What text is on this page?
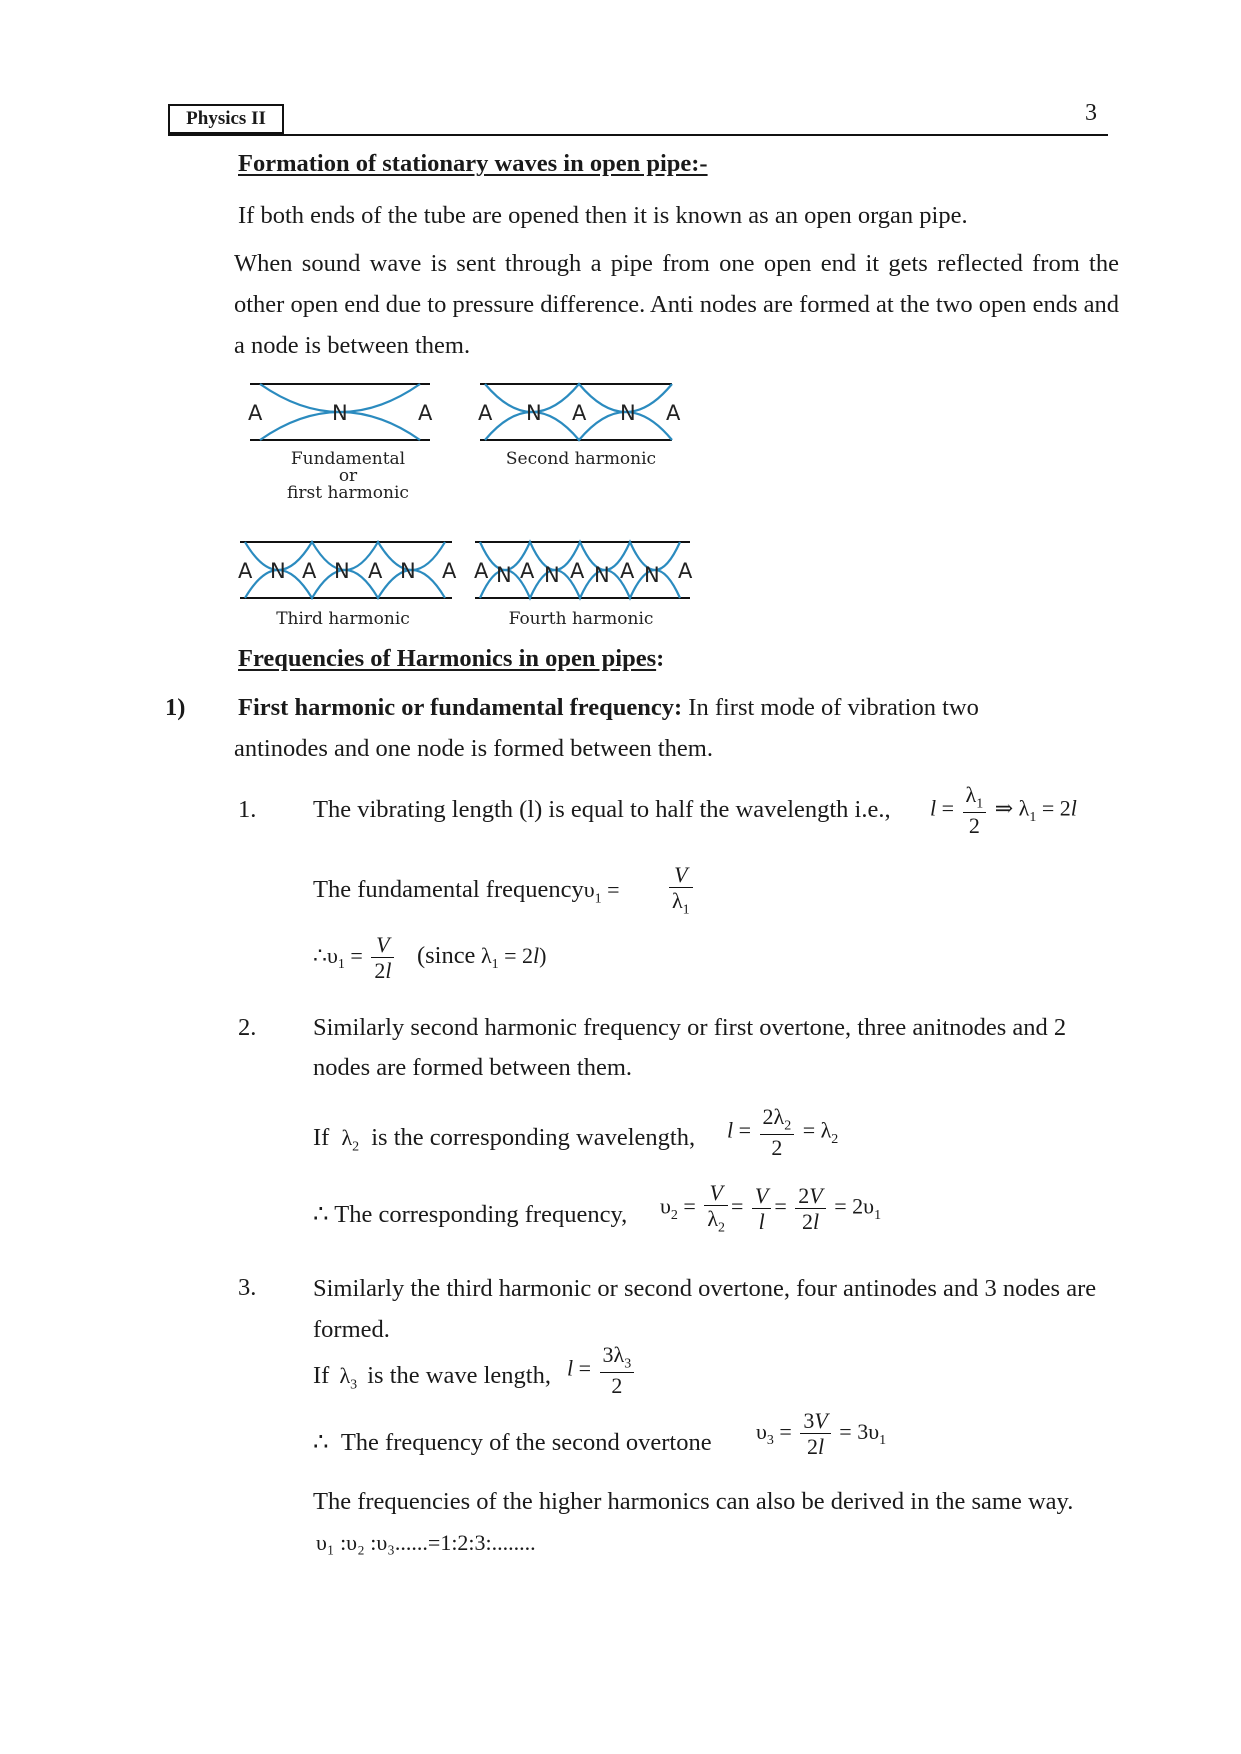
Physics II	3
Formation of stationary waves in open pipe:-
If both ends of the tube are opened then it is known as an open organ pipe.
When sound wave is sent through a pipe from one open end it gets reflected from the other open end due to pressure difference. Anti nodes are formed at the two open ends and a node is between them.
A	N	A A N A N A
Fundamental
or
first harmonic
Second harmonic
A N A N A N A A N A N A N A N A
Third harmonic	Fourth harmonic
Frequencies of Harmonics in open pipes:
1) First harmonic or fundamental frequency: In first mode of vibration two
antinodes and one node is formed between them.
1. The vibrating length (l) is equal to half the wavelength i.e., $l = \frac{\lambda_1}{2}$ ⇒ $\lambda_1 = 2l$
The fundamental frequencyυ$_1$ = $\frac{V}{\lambda_1}$
$\therefore\upsilon_1 = \frac{V}{2l}$ (since $\lambda_1 = 2l$)
2. Similarly second harmonic frequency or first overtone, three anitnodes and 2 nodes are formed between them.
If $\lambda_2$ is the corresponding wavelength, $l = \frac{2\lambda_2}{2} = \lambda_2$
∴ The corresponding frequency, $\upsilon_2 = \frac{V}{\lambda_2} = \frac{V}{l} = \frac{2V}{2l} = 2\upsilon_1$
3. Similarly the third harmonic or second overtone, four antinodes and 3 nodes are formed.
If $\lambda_3$ is the wave length, $l = \frac{3\lambda_3}{2}$
∴  The frequency of the second overtone $\upsilon_3 = \frac{3V}{2l} = 3\upsilon_1$
The frequencies of the higher harmonics can also be derived in the same way.
υ₁ :υ₂ :υ₃......=1:2:3:........
